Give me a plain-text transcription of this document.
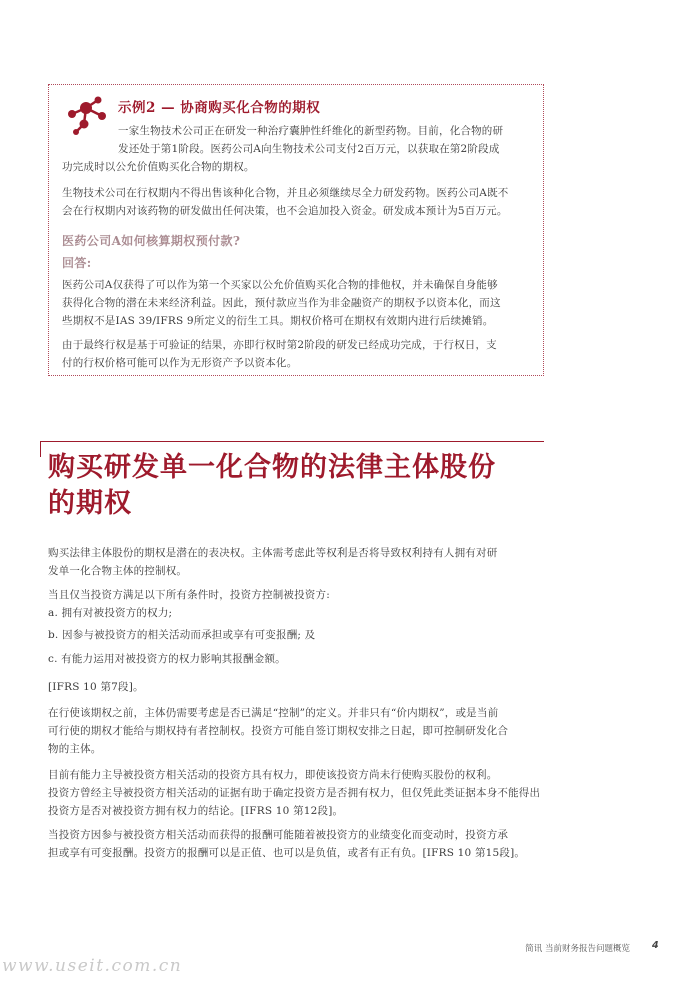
示例2 — 协商购买化合物的期权

一家生物技术公司正在研发一种治疗囊肿性纤维化的新型药物。目前，化合物的研

发还处于第1阶段。医药公司A向生物技术公司支付2百万元，以获取在第2阶段成

功完成时以公允价值购买化合物的期权。

生物技术公司在行权期内不得出售该种化合物，并且必须继续尽全力研发药物。医药公司A既不

会在行权期内对该药物的研发做出任何决策，也不会追加投入资金。研发成本预计为5百万元。

医药公司A如何核算期权预付款?
回答:

医药公司A仅获得了可以作为第一个买家以公允价值购买化合物的排他权，并未确保自身能够

获得化合物的潜在未来经济利益。因此，预付款应当作为非金融资产的期权予以资本化，而这

些期权不是IAS 39/IFRS 9所定义的衍生工具。期权价格可在期权有效期内进行后续摊销。

由于最终行权是基于可验证的结果，亦即行权时第2阶段的研发已经成功完成，于行权日，支

付的行权价格可能可以作为无形资产予以资本化。

购买研发单一化合物的法律主体股份
的期权

购买法律主体股份的期权是潜在的表决权。主体需考虑此等权利是否将导致权利持有人拥有对研

发单一化合物主体的控制权。

当且仅当投资方满足以下所有条件时，投资方控制被投资方:

a. 拥有对被投资方的权力;

b. 因参与被投资方的相关活动而承担或享有可变报酬; 及

c. 有能力运用对被投资方的权力影响其报酬金额。

[IFRS 10 第7段]。

在行使该期权之前，主体仍需要考虑是否已满足“控制”的定义。并非只有“价内期权”，或是当前

可行使的期权才能给与期权持有者控制权。投资方可能自签订期权安排之日起，即可控制研发化合

物的主体。

目前有能力主导被投资方相关活动的投资方具有权力，即使该投资方尚未行使购买股份的权利。

投资方曾经主导被投资方相关活动的证据有助于确定投资方是否拥有权力，但仅凭此类证据本身不能得出

投资方是否对被投资方拥有权力的结论。[IFRS 10 第12段]。

当投资方因参与被投资方相关活动而获得的报酬可能随着被投资方的业绩变化而变动时，投资方承

担或享有可变报酬。投资方的报酬可以是正值、也可以是负值，或者有正有负。[IFRS 10 第15段]。

简讯 当前财务报告问题概览 4
www.useit.com.cn
